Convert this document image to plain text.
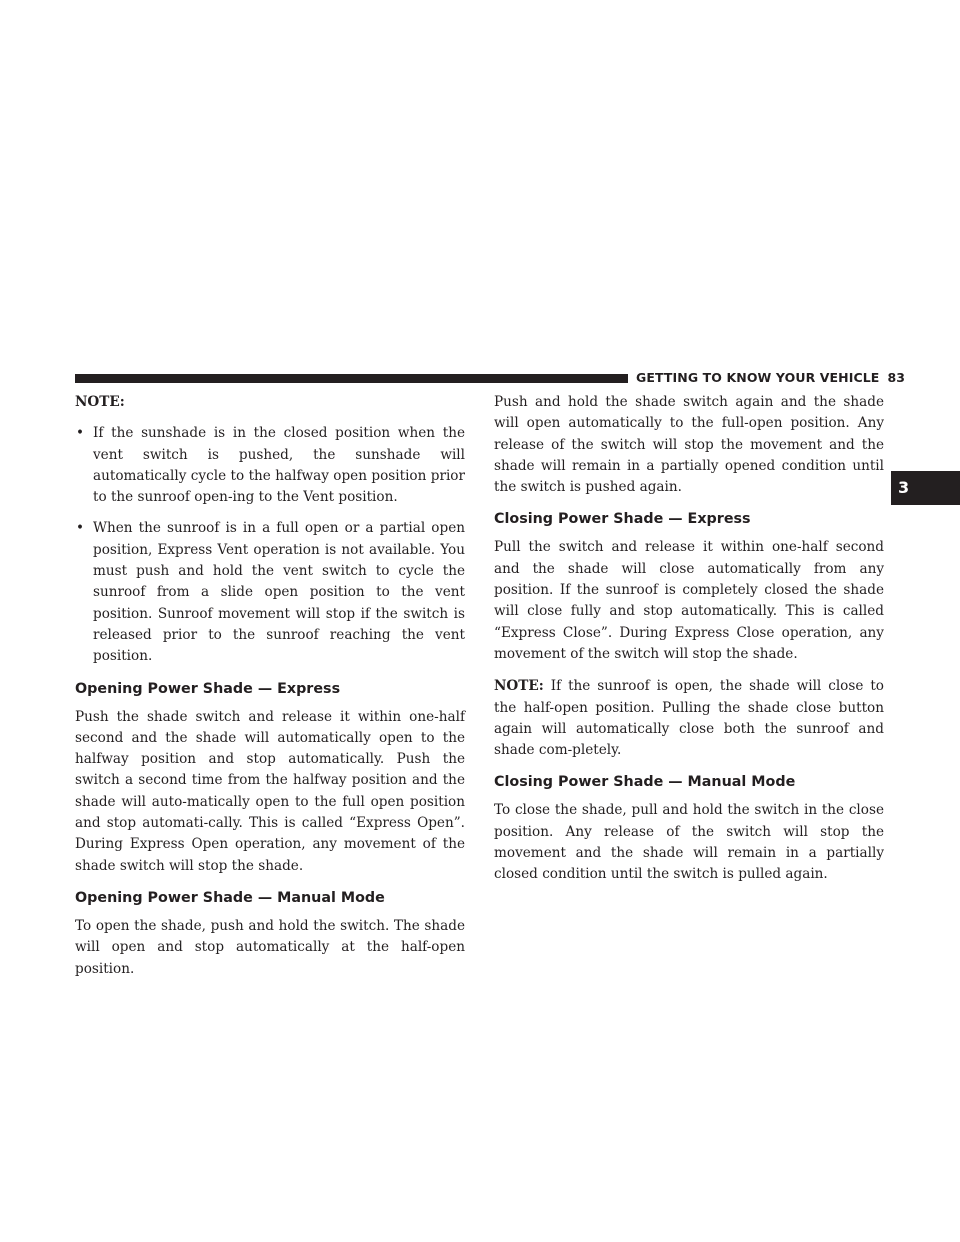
GETTING TO KNOW YOUR VEHICLE 83
3

NOTE:

• If the sunshade is in the closed position when the vent switch is pushed, the sunshade will automatically cycle to the halfway open position prior to the sunroof open-ing to the Vent position.
• When the sunroof is in a full open or a partial open position, Express Vent operation is not available. You must push and hold the vent switch to cycle the sunroof from a slide open position to the vent position. Sunroof movement will stop if the switch is released prior to the sunroof reaching the vent position.
Opening Power Shade — Express

Push the shade switch and release it within one-half second and the shade will automatically open to the halfway position and stop automatically. Push the switch a second time from the halfway position and the shade will auto-matically open to the full open position and stop automati-cally. This is called “Express Open”. During Express Open operation, any movement of the shade switch will stop the shade.

Opening Power Shade — Manual Mode

To open the shade, push and hold the switch. The shade will open and stop automatically at the half-open position.

Push and hold the shade switch again and the shade will open automatically to the full-open position. Any release of the switch will stop the movement and the shade will remain in a partially opened condition until the switch is pushed again.

Closing Power Shade — Express

Pull the switch and release it within one-half second and the shade will close automatically from any position. If the sunroof is completely closed the shade will close fully and stop automatically. This is called “Express Close”. During Express Close operation, any movement of the switch will stop the shade.

NOTE: If the sunroof is open, the shade will close to the half-open position. Pulling the shade close button again will automatically close both the sunroof and shade com-pletely.

Closing Power Shade — Manual Mode

To close the shade, pull and hold the switch in the close position. Any release of the switch will stop the movement and the shade will remain in a partially closed condition until the switch is pulled again.
